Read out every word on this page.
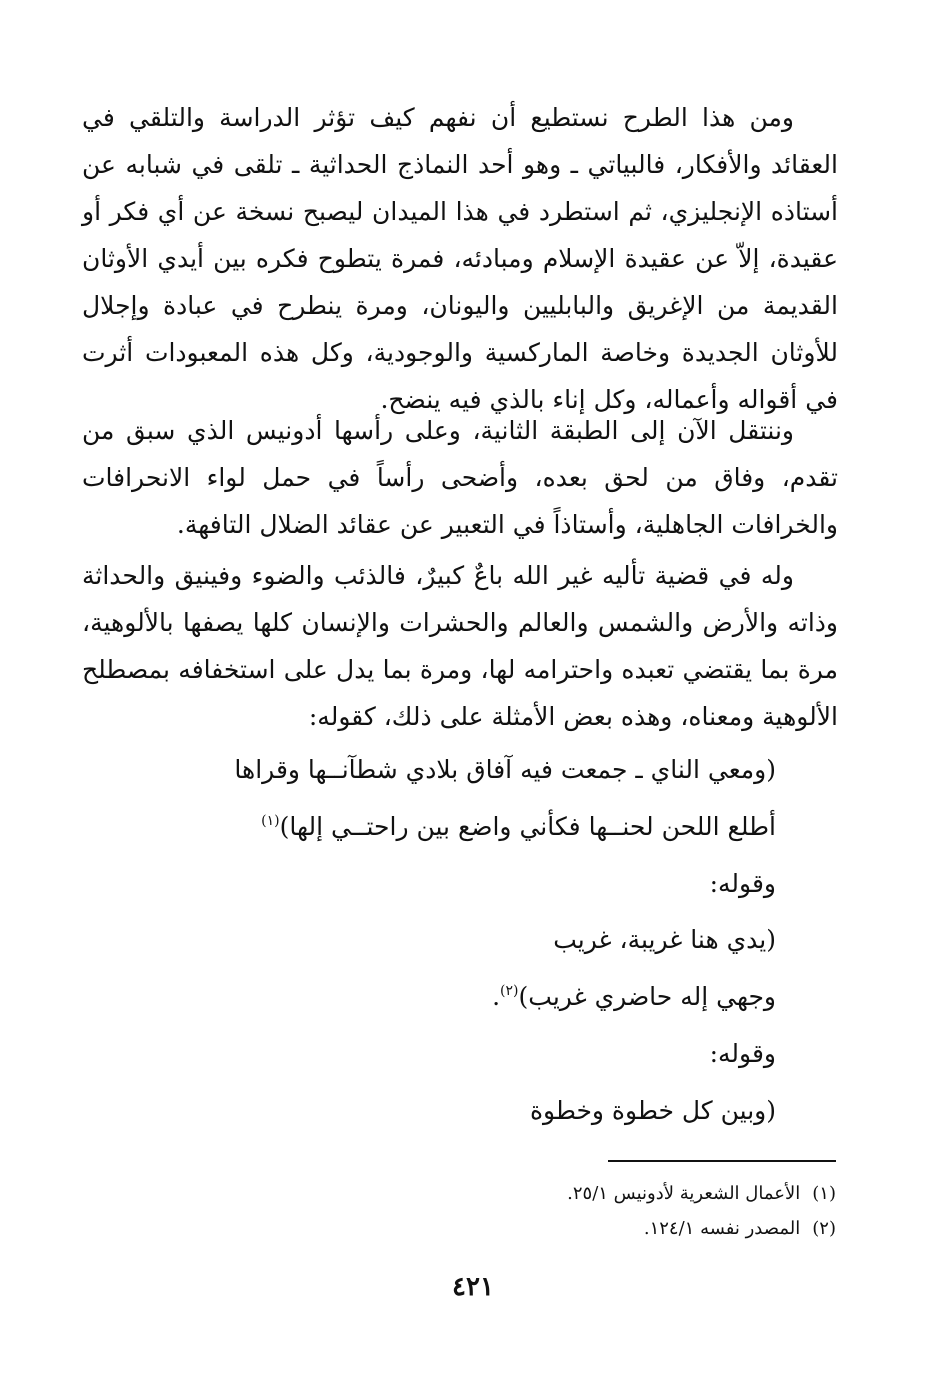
ومن هذا الطرح نستطيع أن نفهم كيف تؤثر الدراسة والتلقي في العقائد والأفكار، فالبياتي ـ وهو أحد النماذج الحداثية ـ تلقى في شبابه عن أستاذه الإنجليزي، ثم استطرد في هذا الميدان ليصبح نسخة عن أي فكر أو عقيدة، إلاّ عن عقيدة الإسلام ومبادئه، فمرة يتطوح فكره بين أيدي الأوثان القديمة من الإغريق والبابليين واليونان، ومرة ينطرح في عبادة وإجلال للأوثان الجديدة وخاصة الماركسية والوجودية، وكل هذه المعبودات أثرت في أقواله وأعماله، وكل إناء بالذي فيه ينضح.

وننتقل الآن إلى الطبقة الثانية، وعلى رأسها أدونيس الذي سبق من تقدم، وفاق من لحق بعده، وأضحى رأساً في حمل لواء الانحرافات والخرافات الجاهلية، وأستاذاً في التعبير عن عقائد الضلال التافهة.

وله في قضية تأليه غير الله باعٌ كبيرٌ، فالذئب والضوء وفينيق والحداثة وذاته والأرض والشمس والعالم والحشرات والإنسان كلها يصفها بالألوهية، مرة بما يقتضي تعبده واحترامه لها، ومرة بما يدل على استخفافه بمصطلح الألوهية ومعناه، وهذه بعض الأمثلة على ذلك، كقوله:

(ومعي الناي ـ جمعت فيه آفاق بلادي شطآنــها وقراها
أطلع اللحن لحنــها فكأني واضع بين راحتــي إلها)$^{(١)}$
وقوله:
(يدي هنا غريبة، غريب
وجهي إله حاضري غريب)$^{(٢)}$.
وقوله:
(وبين كل خطوة وخطوة
(١)الأعمال الشعرية لأدونيس ٢٥/١.
(٢)المصدر نفسه ١٢٤/١.
٤٢١
